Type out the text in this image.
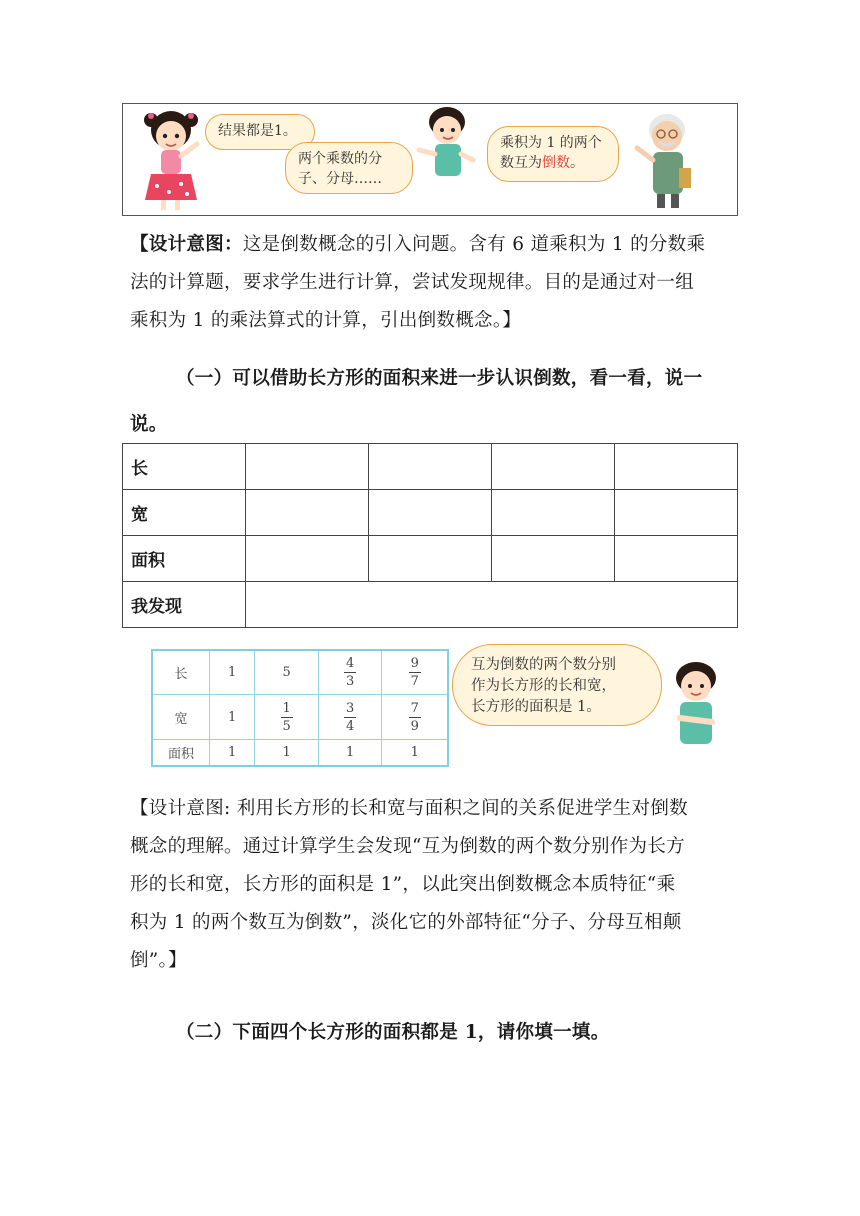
结果都是1。
两个乘数的分
子、分母……
乘积为 1 的两个
数互为倒数。
【设计意图：这是倒数概念的引入问题。含有 6 道乘积为 1 的分数乘
法的计算题，要求学生进行计算，尝试发现规律。目的是通过对一组
乘积为 1 的乘法算式的计算，引出倒数概念。】
（一）可以借助长方形的面积来进一步认识倒数，看一看，说一
说。
长				
宽				
面积				
我发现				
长	1	5	$\frac{4}{3}$	$\frac{9}{7}$

宽	1	$\frac{1}{5}$	$\frac{3}{4}$	$\frac{7}{9}$

面积	1	1	1	1
互为倒数的两个数分别
作为长方形的长和宽，
长方形的面积是 1。
【设计意图: 利用长方形的长和宽与面积之间的关系促进学生对倒数
概念的理解。通过计算学生会发现“互为倒数的两个数分别作为长方
形的长和宽，长方形的面积是 1”，以此突出倒数概念本质特征“乘
积为 1 的两个数互为倒数”，淡化它的外部特征“分子、分母互相颠
倒”。】
（二）下面四个长方形的面积都是 1，请你填一填。
